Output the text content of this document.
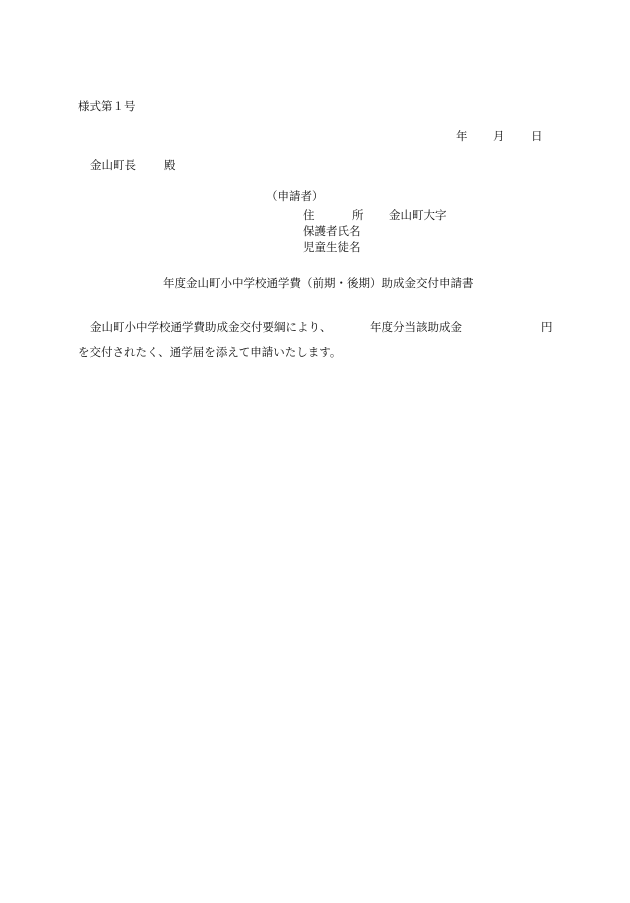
様式第１号
年 月 日
金山町長 殿
（申請者）
住	所 金山町大字
保護者氏名
児童生徒名
年度金山町小中学校通学費（前期・後期）助成金交付申請書
金山町小中学校通学費助成金交付要綱により、	年度分当該助成金	円
を交付されたく、通学届を添えて申請いたします。
